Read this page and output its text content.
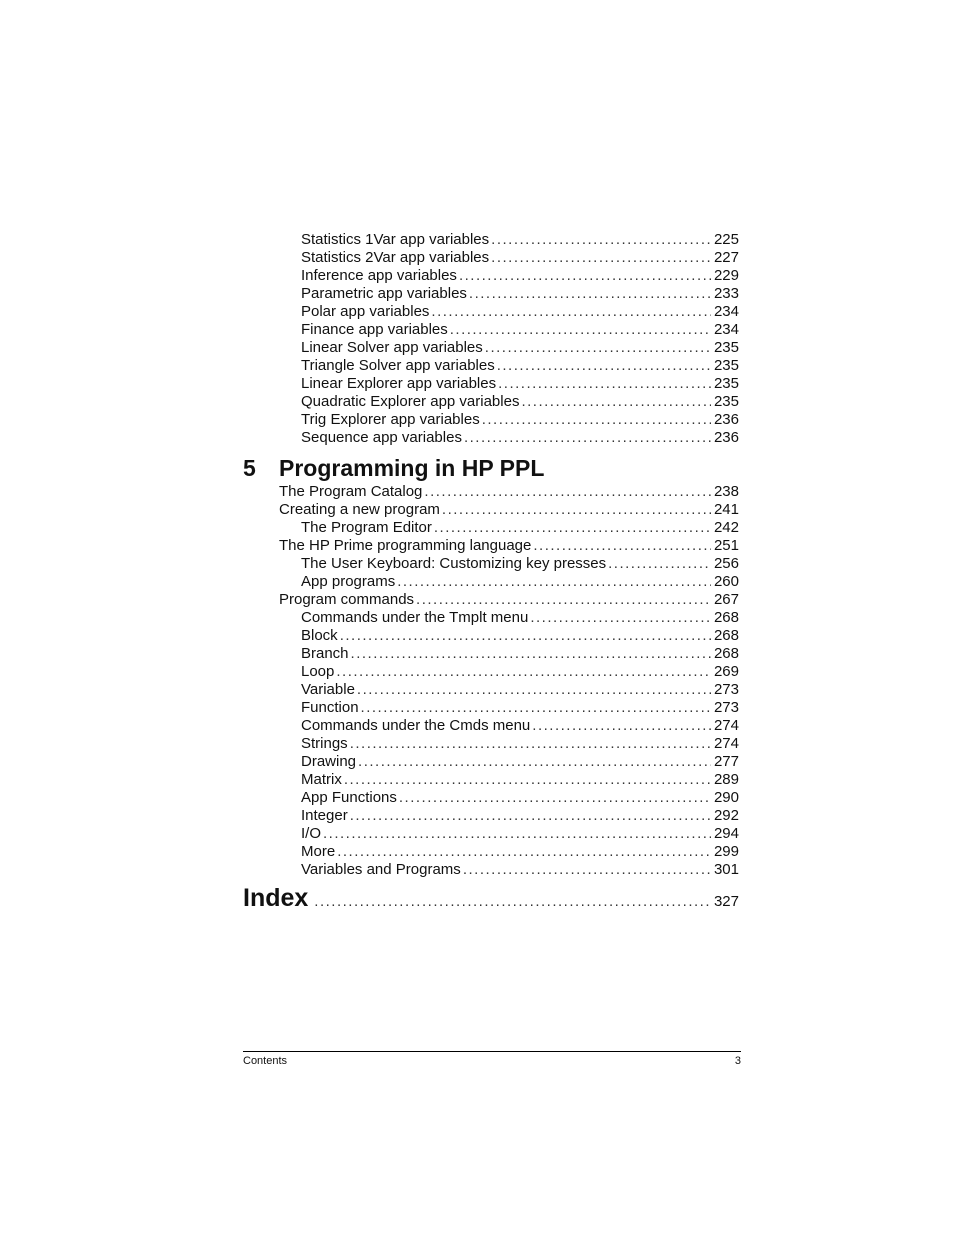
Statistics 1Var app variables .....	225
Statistics 2Var app variables .....	227
Inference app variables .....	229
Parametric app variables .....	233
Polar app variables .....	234
Finance app variables .....	234
Linear Solver app variables .....	235
Triangle Solver app variables .....	235
Linear Explorer app variables .....	235
Quadratic Explorer app variables .....	235
Trig Explorer app variables .....	236
Sequence app variables .....	236
5	Programming in HP PPL
The Program Catalog .....	238
Creating a new program .....	241
The Program Editor .....	242
The HP Prime programming language .....	251
The User Keyboard: Customizing key presses .....	256
App programs .....	260
Program commands .....	267
Commands under the Tmplt menu .....	268
Block .....	268
Branch .....	268
Loop .....	269
Variable .....	273
Function .....	273
Commands under the Cmds menu .....	274
Strings .....	274
Drawing .....	277
Matrix .....	289
App Functions .....	290
Integer .....	292
I/O .....	294
More .....	299
Variables and Programs .....	301
Index .....	327
Contents	3
